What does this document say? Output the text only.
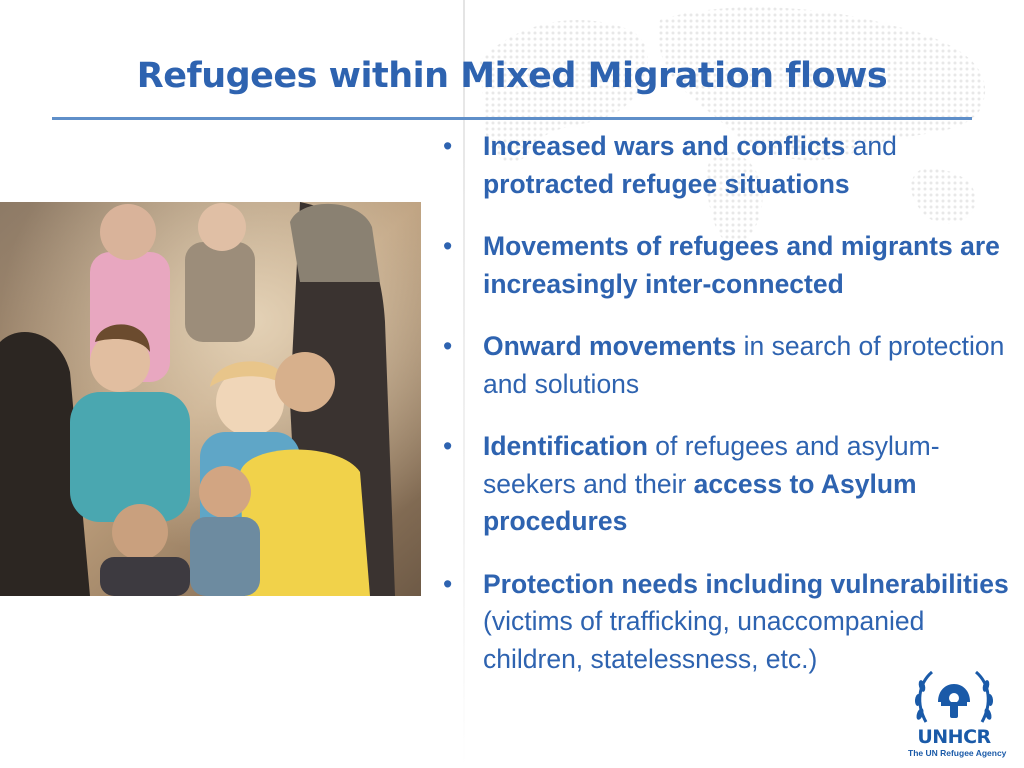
Refugees within Mixed Migration flows
• Increased wars and conflicts and protracted refugee situations
• Movements of refugees and migrants are increasingly inter-connected
• Onward movements in search of protection and solutions
• Identification of refugees and asylum-seekers and their access to Asylum procedures
• Protection needs including vulnerabilities (victims of trafficking, unaccompanied children, statelessness, etc.)
UNHCR
The UN Refugee Agency
